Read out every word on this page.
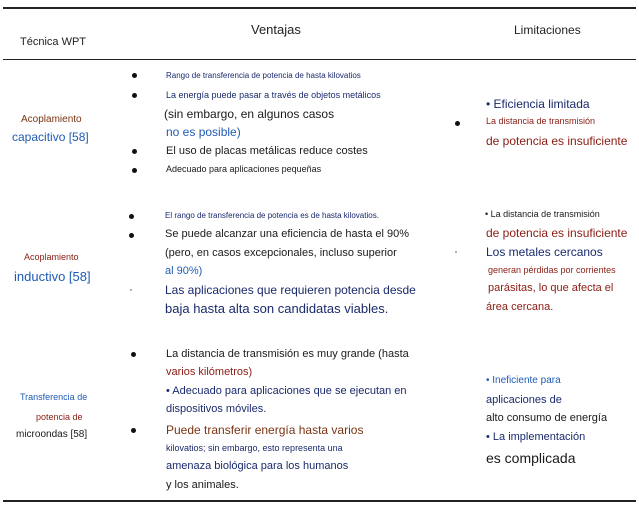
Técnica WPT
Ventajas	Limitaciones
Acoplamiento
capacitivo [58]
Rango de transferencia de potencia de hasta kilovatios
La energía puede pasar a través de objetos metálicos
(sin embargo, en algunos casos
no es posible)
El uso de placas metálicas reduce costes
Adecuado para aplicaciones pequeñas
• Eficiencia limitada
La distancia de transmisión
de potencia es insuficiente
Acoplamiento
inductivo [58]
El rango de transferencia de potencia es de hasta kilovatios.
Se puede alcanzar una eficiencia de hasta el 90%
(pero, en casos excepcionales, incluso superior
al 90%)
Las aplicaciones que requieren potencia desde
baja hasta alta son candidatas viables.
• La distancia de transmisión
de potencia es insuficiente
Los metales cercanos
generan pérdidas por corrientes
parásitas, lo que afecta el
área cercana.
Transferencia de
potencia de
microondas [58]
La distancia de transmisión es muy grande (hasta
varios kilómetros)
• Adecuado para aplicaciones que se ejecutan en
dispositivos móviles.
Puede transferir energía hasta varios
kilovatios; sin embargo, esto representa una
amenaza biológica para los humanos
y los animales.
• Ineficiente para
aplicaciones de
alto consumo de energía
• La implementación
es complicada
